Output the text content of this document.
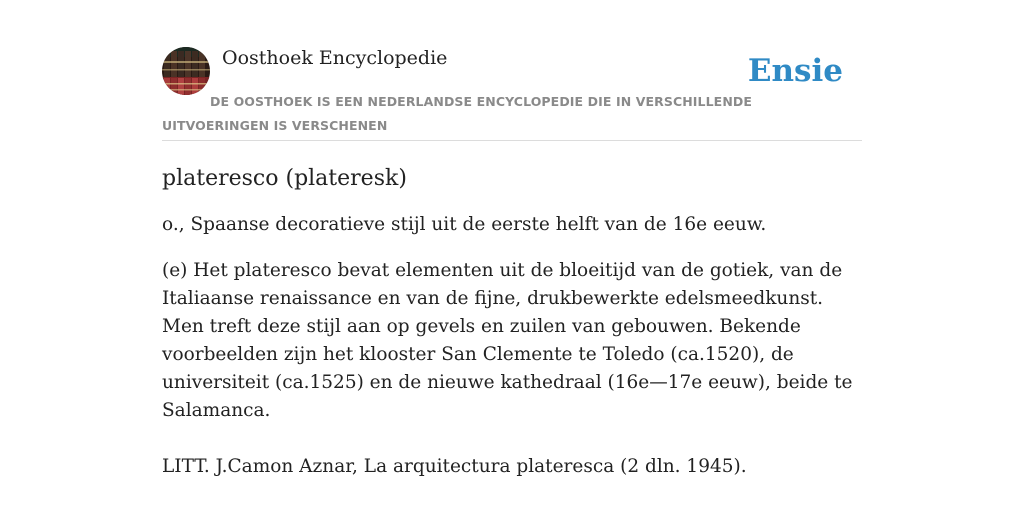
Oosthoek Encyclopedie	Ensie
DE OOSTHOEK IS EEN NEDERLANDSE ENCYCLOPEDIE DIE IN VERSCHILLENDE UITVOERINGEN IS VERSCHENEN
plateresco (plateresk)

o., Spaanse decoratieve stijl uit de eerste helft van de 16e eeuw.

(e) Het plateresco bevat elementen uit de bloeitijd van de gotiek, van de Italiaanse renaissance en van de fijne, drukbewerkte edelsmeedkunst. Men treft deze stijl aan op gevels en zuilen van gebouwen. Bekende voorbeelden zijn het klooster San Clemente te Toledo (ca.1520), de universiteit (ca.1525) en de nieuwe kathedraal (16e—17e eeuw), beide te Salamanca.

LITT. J.Camon Aznar, La arquitectura plateresca (2 dln. 1945).
